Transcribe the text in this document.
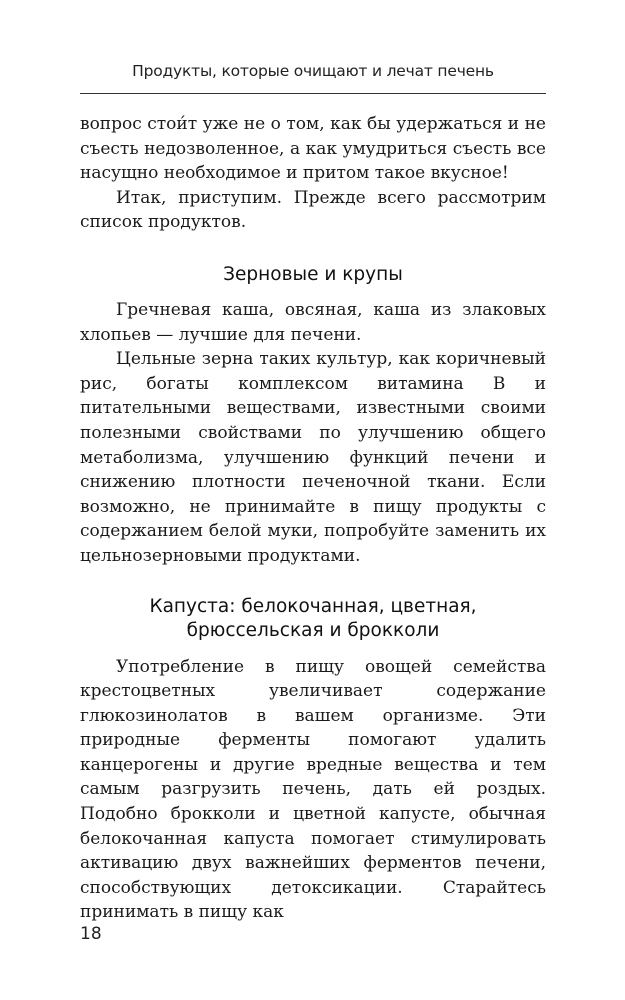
Продукты, которые очищают и лечат печень

вопрос стои́т уже не о том, как бы удержаться и не съесть недозволенное, а как умудриться съесть все насущно необходимое и притом такое вкусное!

Итак, приступим. Прежде всего рассмотрим список продуктов.

Зерновые и крупы

Гречневая каша, овсяная, каша из злаковых хлопьев — лучшие для печени.

Цельные зерна таких культур, как коричневый рис, богаты комплексом витамина В и питательными веществами, известными своими полезными свойствами по улучшению общего метаболизма, улучшению функций печени и снижению плотности печеночной ткани. Если возможно, не принимайте в пищу продукты с содержанием белой муки, попробуйте заменить их цельнозерновыми продуктами.

Капуста: белокочанная, цветная,
брюссельская и брокколи

Употребление в пищу овощей семейства крестоцветных увеличивает содержание глюкозинолатов в вашем организме. Эти природные ферменты помогают удалить канцерогены и другие вредные вещества и тем самым разгрузить печень, дать ей роздых. Подобно брокколи и цветной капусте, обычная белокочанная капуста помогает стимулировать активацию двух важнейших ферментов печени, способствующих детоксикации. Старайтесь принимать в пищу как

18
